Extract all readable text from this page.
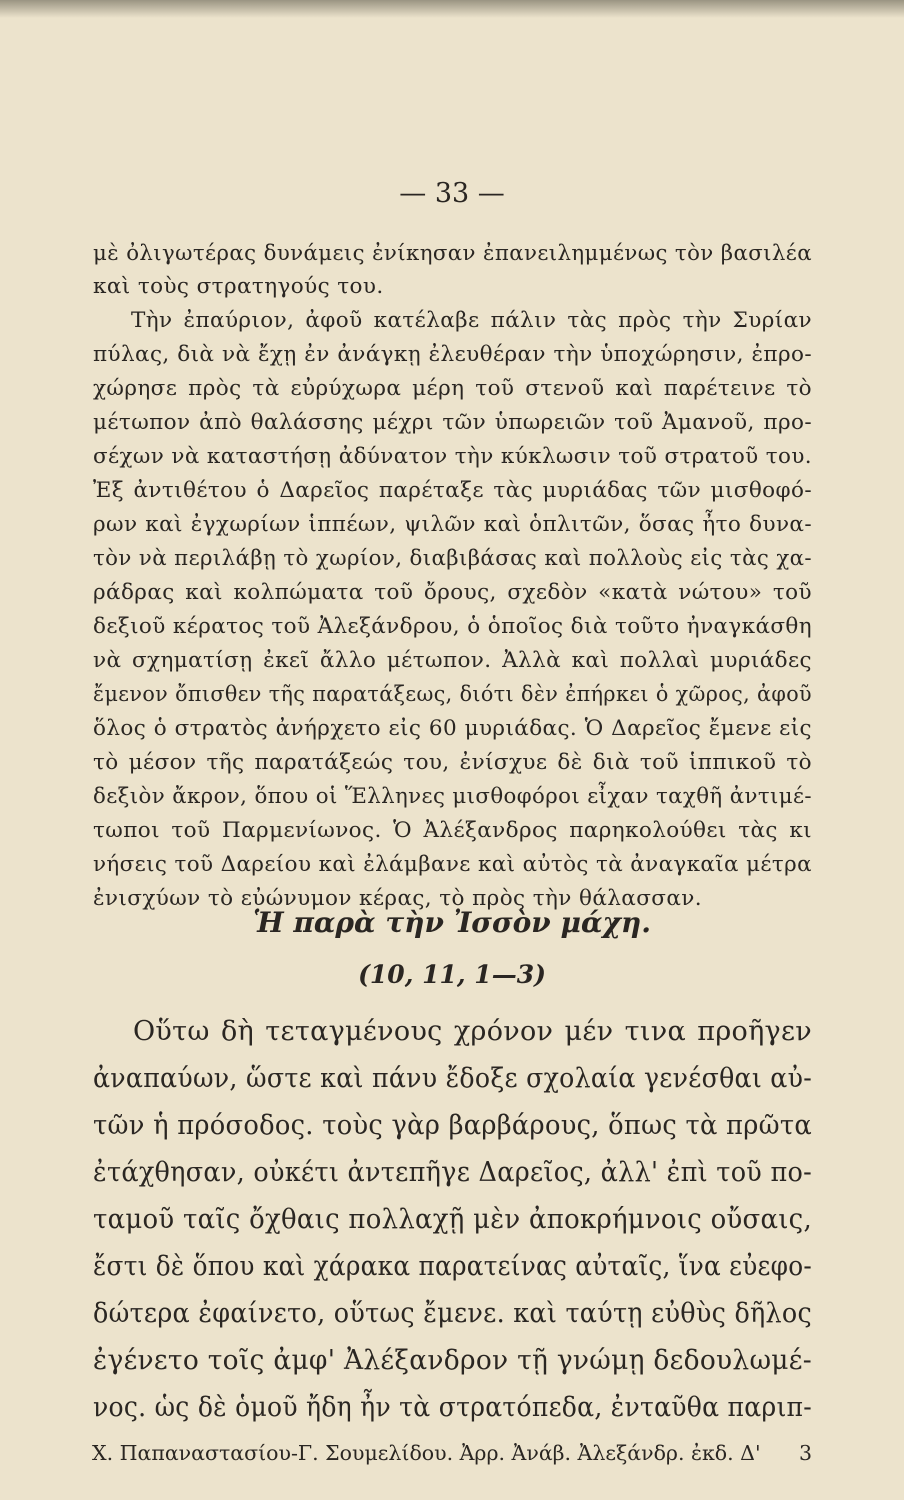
— 33 —
μὲ ὀλιγωτέρας δυνάμεις ἐνίκησαν ἐπανειλημμένως τὸν βασιλέα
καὶ τοὺς στρατηγούς του.
Τὴν ἐπαύριον, ἀφοῦ κατέλαβε πάλιν τὰς πρὸς τὴν Συρίαν
πύλας, διὰ νὰ ἔχῃ ἐν ἀνάγκῃ ἐλευθέραν τὴν ὑποχώρησιν, ἐπρο-
χώρησε πρὸς τὰ εὐρύχωρα μέρη τοῦ στενοῦ καὶ παρέτεινε τὸ
μέτωπον ἀπὸ θαλάσσης μέχρι τῶν ὑπωρειῶν τοῦ Ἀμανοῦ, προ-
σέχων νὰ καταστήσῃ ἀδύνατον τὴν κύκλωσιν τοῦ στρατοῦ του.
Ἐξ ἀντιθέτου ὁ Δαρεῖος παρέταξε τὰς μυριάδας τῶν μισθοφό-
ρων καὶ ἐγχωρίων ἱππέων, ψιλῶν καὶ ὁπλιτῶν, ὅσας ἦτο δυνα-
τὸν νὰ περιλάβῃ τὸ χωρίον, διαβιβάσας καὶ πολλοὺς εἰς τὰς χα-
ράδρας καὶ κολπώματα τοῦ ὄρους, σχεδὸν «κατὰ νώτου» τοῦ
δεξιοῦ κέρατος τοῦ Ἀλεξάνδρου, ὁ ὁποῖος διὰ τοῦτο ἠναγκάσθη
νὰ σχηματίσῃ ἐκεῖ ἄλλο μέτωπον. Ἀλλὰ καὶ πολλαὶ μυριάδες
ἔμενον ὄπισθεν τῆς παρατάξεως, διότι δὲν ἐπήρκει ὁ χῶρος, ἀφοῦ
ὅλος ὁ στρατὸς ἀνήρχετο εἰς 60 μυριάδας. Ὁ Δαρεῖος ἔμενε εἰς
τὸ μέσον τῆς παρατάξεώς του, ἐνίσχυε δὲ διὰ τοῦ ἱππικοῦ τὸ
δεξιὸν ἄκρον, ὅπου οἱ Ἕλληνες μισθοφόροι εἶχαν ταχθῆ ἀντιμέ-
τωποι τοῦ Παρμενίωνος. Ὁ Ἀλέξανδρος παρηκολούθει τὰς κι
νήσεις τοῦ Δαρείου καὶ ἐλάμβανε καὶ αὐτὸς τὰ ἀναγκαῖα μέτρα
ἐνισχύων τὸ εὐώνυμον κέρας, τὸ πρὸς τὴν θάλασσαν.
Ἡ παρὰ τὴν Ἰσσὸν μάχη.
(10, 11, 1—3)
Οὕτω δὴ τεταγμένους χρόνον μέν τινα προῆγεν
ἀναπαύων, ὥστε καὶ πάνυ ἔδοξε σχολαία γενέσθαι αὐ-
τῶν ἡ πρόσοδος. τοὺς γὰρ βαρβάρους, ὅπως τὰ πρῶτα
ἐτάχθησαν, οὐκέτι ἀντεπῆγε Δαρεῖος, ἀλλ' ἐπὶ τοῦ πο-
ταμοῦ ταῖς ὄχθαις πολλαχῇ μὲν ἀποκρήμνοις οὔσαις,
ἔστι δὲ ὅπου καὶ χάρακα παρατείνας αὐταῖς, ἵνα εὐεφο-
δώτερα ἐφαίνετο, οὕτως ἔμενε. καὶ ταύτῃ εὐθὺς δῆλος
ἐγένετο τοῖς ἀμφ' Ἀλέξανδρον τῇ γνώμῃ δεδουλωμέ-
νος. ὡς δὲ ὁμοῦ ἤδη ἦν τὰ στρατόπεδα, ἐνταῦθα παριπ-
Χ. Παπαναστασίου-Γ. Σουμελίδου. Ἀρρ. Ἀνάβ. Ἀλεξάνδρ. ἐκδ. Δ' 3
